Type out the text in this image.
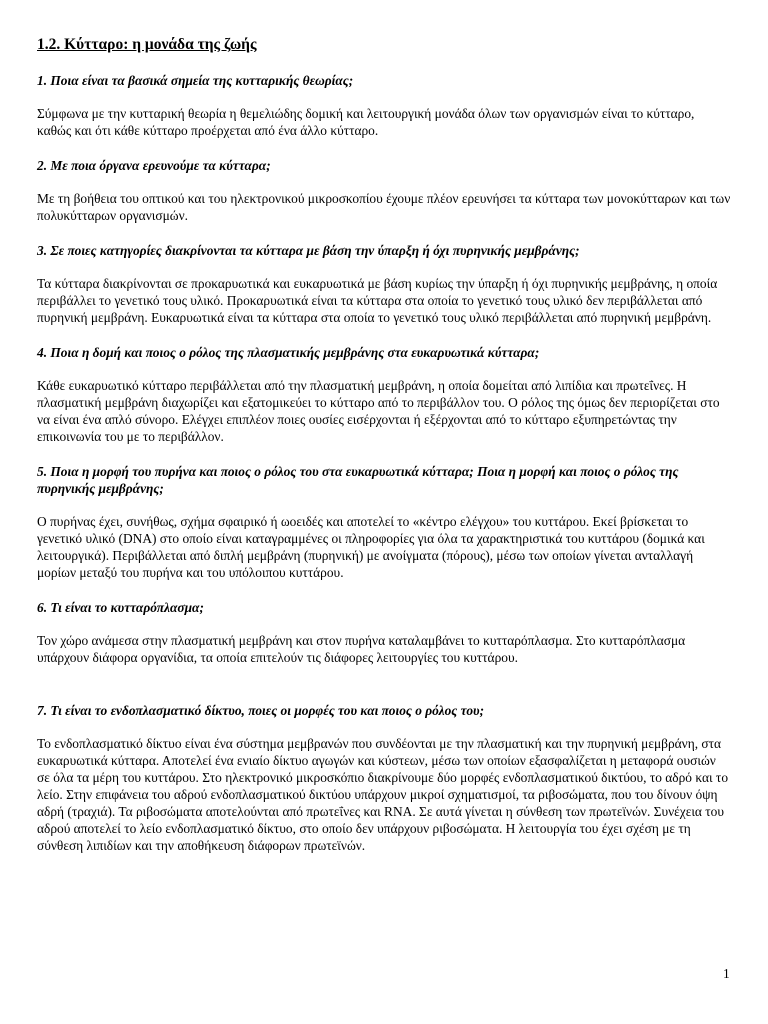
1.2. Κύτταρο: η μονάδα της ζωής

1. Ποια είναι τα βασικά σημεία της κυτταρικής θεωρίας;

Σύμφωνα με την κυτταρική θεωρία η θεμελιώδης δομική και λειτουργική μονάδα όλων των οργανισμών είναι το κύτταρο, καθώς και ότι κάθε κύτταρο προέρχεται από ένα άλλο κύτταρο.

2. Με ποια όργανα ερευνούμε τα κύτταρα;

Με τη βοήθεια του οπτικού και του ηλεκτρονικού μικροσκοπίου έχουμε πλέον ερευνήσει τα κύτταρα των μονοκύτταρων και των πολυκύτταρων οργανισμών.

3. Σε ποιες κατηγορίες διακρίνονται τα κύτταρα με βάση την ύπαρξη ή όχι πυρηνικής μεμβράνης;

Τα κύτταρα διακρίνονται σε προκαρυωτικά και ευκαρυωτικά με βάση κυρίως την ύπαρξη ή όχι πυρηνικής μεμβράνης, η οποία περιβάλλει το γενετικό τους υλικό. Προκαρυωτικά είναι τα κύτταρα στα οποία το γενετικό τους υλικό δεν περιβάλλεται από πυρηνική μεμβράνη. Ευκαρυωτικά είναι τα κύτταρα στα οποία το γενετικό τους υλικό περιβάλλεται από πυρηνική μεμβράνη.

4. Ποια η δομή και ποιος ο ρόλος της πλασματικής μεμβράνης στα ευκαρυωτικά κύτταρα;

Κάθε ευκαρυωτικό κύτταρο περιβάλλεται από την πλασματική μεμβράνη, η οποία δομείται από λιπίδια και πρωτεΐνες. Η πλασματική μεμβράνη διαχωρίζει και εξατομικεύει το κύτταρο από το περιβάλλον του. Ο ρόλος της όμως δεν περιορίζεται στο να είναι ένα απλό σύνορο. Ελέγχει επιπλέον ποιες ουσίες εισέρχονται ή εξέρχονται από το κύτταρο εξυπηρετώντας την επικοινωνία του με το περιβάλλον.

5. Ποια η μορφή του πυρήνα και ποιος ο ρόλος του στα ευκαρυωτικά κύτταρα; Ποια η μορφή και ποιος ο ρόλος της πυρηνικής μεμβράνης;

Ο πυρήνας έχει, συνήθως, σχήμα σφαιρικό ή ωοειδές και αποτελεί το «κέντρο ελέγχου» του κυττάρου. Εκεί βρίσκεται το γενετικό υλικό (DNA) στο οποίο είναι καταγραμμένες οι πληροφορίες για όλα τα χαρακτηριστικά του κυττάρου (δομικά και λειτουργικά). Περιβάλλεται από διπλή μεμβράνη (πυρηνική) με ανοίγματα (πόρους), μέσω των οποίων γίνεται ανταλλαγή μορίων μεταξύ του πυρήνα και του υπόλοιπου κυττάρου.

6. Τι είναι το κυτταρόπλασμα;

Τον χώρο ανάμεσα στην πλασματική μεμβράνη και στον πυρήνα καταλαμβάνει το κυτταρόπλασμα. Στο κυτταρόπλασμα υπάρχουν διάφορα οργανίδια, τα οποία επιτελούν τις διάφορες λειτουργίες του κυττάρου.

7. Τι είναι το ενδοπλασματικό δίκτυο, ποιες οι μορφές του και ποιος ο ρόλος του;

Το ενδοπλασματικό δίκτυο είναι ένα σύστημα μεμβρανών που συνδέονται με την πλασματική και την πυρηνική μεμβράνη, στα ευκαρυωτικά κύτταρα. Αποτελεί ένα ενιαίο δίκτυο αγωγών και κύστεων, μέσω των οποίων εξασφαλίζεται η μεταφορά ουσιών σε όλα τα μέρη του κυττάρου. Στο ηλεκτρονικό μικροσκόπιο διακρίνουμε δύο μορφές ενδοπλασματικού δικτύου, το αδρό και το λείο. Στην επιφάνεια του αδρού ενδοπλασματικού δικτύου υπάρχουν μικροί σχηματισμοί, τα ριβοσώματα, που του δίνουν όψη αδρή (τραχιά). Τα ριβοσώματα αποτελούνται από πρωτεΐνες και RNA. Σε αυτά γίνεται η σύνθεση των πρωτεϊνών. Συνέχεια του αδρού αποτελεί το λείο ενδοπλασματικό δίκτυο, στο οποίο δεν υπάρχουν ριβοσώματα. Η λειτουργία του έχει σχέση με τη σύνθεση λιπιδίων και την αποθήκευση διάφορων πρωτεϊνών.

1
